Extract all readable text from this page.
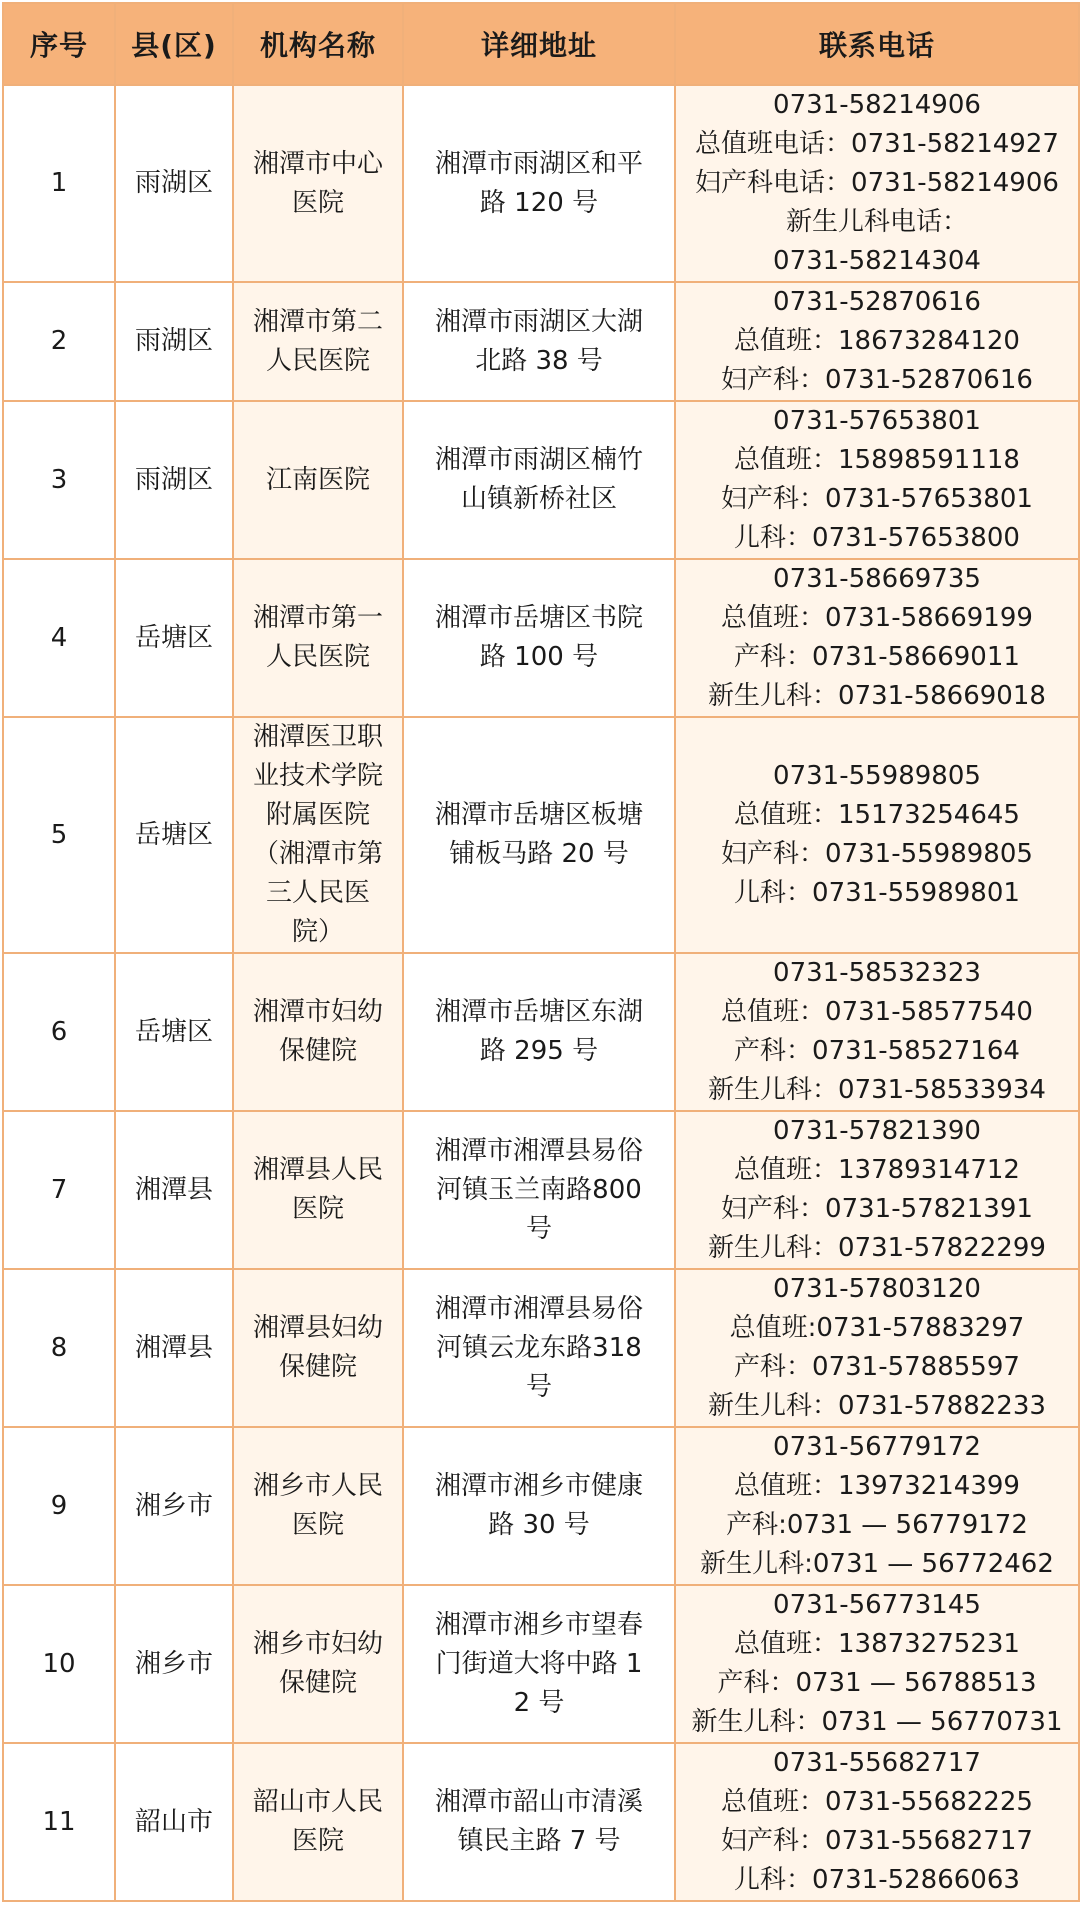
序号	县(区)	机构名称	详细地址	联系电话
1	雨湖区	湘潭市中心医院	湘潭市雨湖区和平路 120 号	0731-58214906
总值班电话：0731-58214927
妇产科电话：0731-58214906
新生儿科电话：
0731-58214304

2	雨湖区	湘潭市第二人民医院	湘潭市雨湖区大湖北路 38 号	0731-52870616
总值班：18673284120
妇产科：0731-52870616

3	雨湖区	江南医院	湘潭市雨湖区楠竹山镇新桥社区	0731-57653801
总值班：15898591118
妇产科：0731-57653801
儿科：0731-57653800

4	岳塘区	湘潭市第一人民医院	湘潭市岳塘区书院路 100 号	0731-58669735
总值班：0731-58669199
产科：0731-58669011
新生儿科：0731-58669018

5	岳塘区	湘潭医卫职业技术学院附属医院（湘潭市第三人民医院）	湘潭市岳塘区板塘铺板马路 20 号	0731-55989805
总值班：15173254645
妇产科：0731-55989805
儿科：0731-55989801

6	岳塘区	湘潭市妇幼保健院	湘潭市岳塘区东湖路 295 号	0731-58532323
总值班：0731-58577540
产科：0731-58527164
新生儿科：0731-58533934

7	湘潭县	湘潭县人民医院	湘潭市湘潭县易俗河镇玉兰南路800号	0731-57821390
总值班：13789314712
妇产科：0731-57821391
新生儿科：0731-57822299

8	湘潭县	湘潭县妇幼保健院	湘潭市湘潭县易俗河镇云龙东路318号	0731-57803120
总值班:0731-57883297
产科：0731-57885597
新生儿科：0731-57882233

9	湘乡市	湘乡市人民医院	湘潭市湘乡市健康路 30 号	0731-56779172
总值班：13973214399
产科:0731 — 56779172
新生儿科:0731 — 56772462

10	湘乡市	湘乡市妇幼保健院	湘潭市湘乡市望春门街道大将中路 12 号	0731-56773145
总值班：13873275231
产科：0731 — 56788513
新生儿科：0731 — 56770731

11	韶山市	韶山市人民医院	湘潭市韶山市清溪镇民主路 7 号	0731-55682717
总值班：0731-55682225
妇产科：0731-55682717
儿科：0731-52866063
